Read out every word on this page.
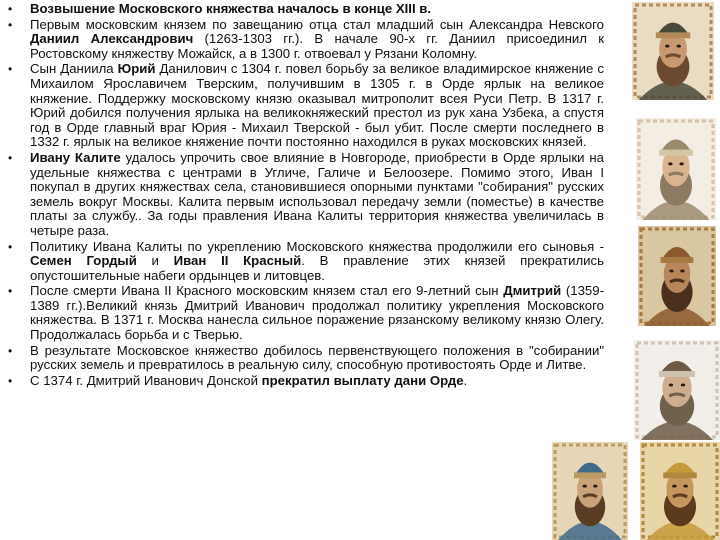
• Возвышение Московского княжества началось в конце XIII в.
• Первым московским князем по завещанию отца стал младший сын Александра Невского Даниил Александрович (1263-1303 гг.). В начале 90-х гг. Даниил присоединил к Ростовскому княжеству Можайск, а в 1300 г. отвоевал у Рязани Коломну.
• Сын Даниила Юрий Данилович с 1304 г. повел борьбу за великое владимирское княжение с Михаилом Ярославичем Тверским, получившим в 1305 г. в Орде ярлык на великое княжение. Поддержку московскому князю оказывал митрополит всея Руси Петр. В 1317 г. Юрий добился получения ярлыка на великокняжеский престол из рук хана Узбека, а спустя год в Орде главный враг Юрия - Михаил Тверской - был убит. После смерти последнего в 1332 г. ярлык на великое княжение почти постоянно находился в руках московских князей.
• Ивану Калите удалось упрочить свое влияние в Новгороде, приобрести в Орде ярлыки на удельные княжества с центрами в Угличе, Галиче и Белоозере. Помимо этого, Иван I покупал в других княжествах села, становившиеся опорными пунктами "собирания" русских земель вокруг Москвы. Калита первым использовал передачу земли (поместье) в качестве платы за службу.. За годы правления Ивана Калиты территория княжества увеличилась в четыре раза.
• Политику Ивана Калиты по укреплению Московского княжества продолжили его сыновья - Семен Гордый и Иван II Красный. В правление этих князей прекратились опустошительные набеги ордынцев и литовцев.
• После смерти Ивана II Красного московским князем стал его 9-летний сын Дмитрий (1359-1389 гг.).Великий князь Дмитрий Иванович продолжал политику укрепления Московского княжества. В 1371 г. Москва нанесла сильное поражение рязанскому великому князю Олегу. Продолжалась борьба и с Тверью.
• В результате Московское княжество добилось первенствующего положения в "собирании" русских земель и превратилось в реальную силу, способную противостоять Орде и Литве.
• С 1374 г. Дмитрий Иванович Донской прекратил выплату дани Орде.
